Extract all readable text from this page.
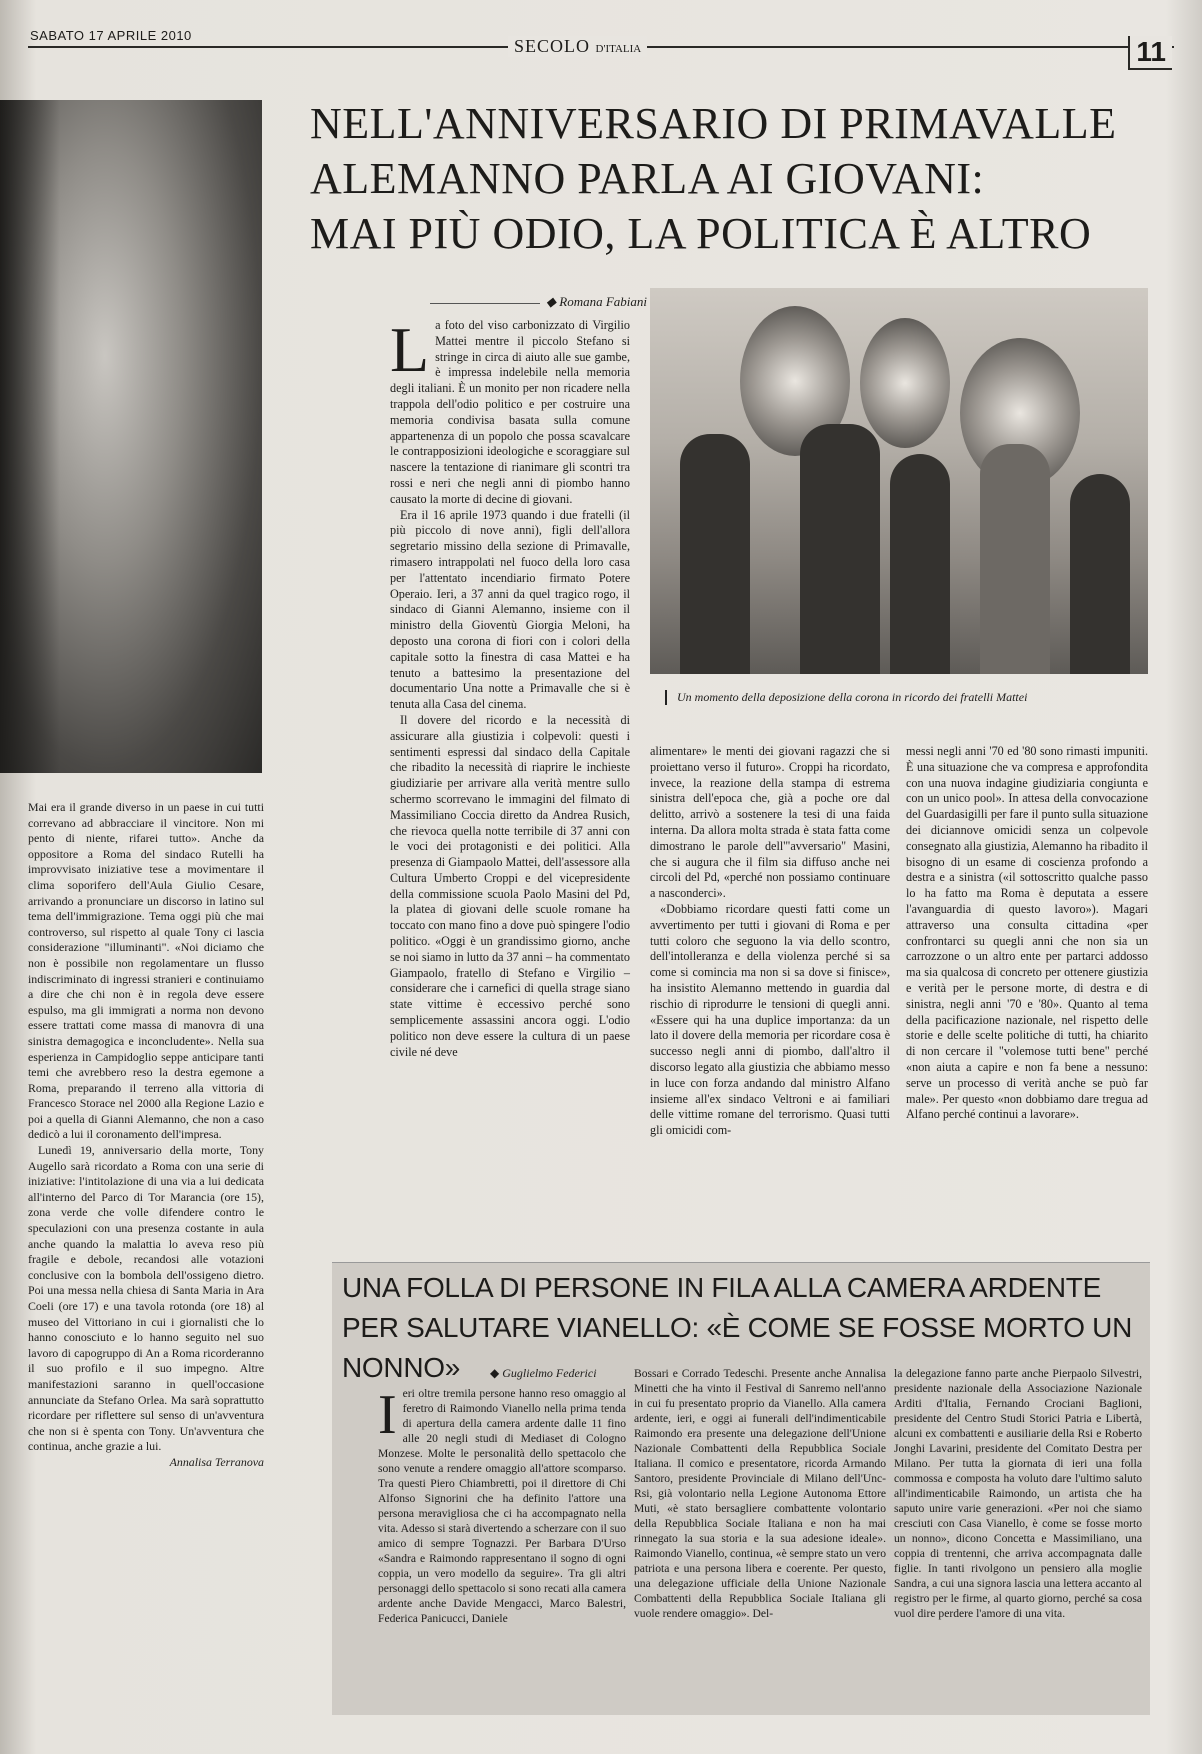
SABATO 17 APRILE 2010
SECOLO D'ITALIA	11
NELL'ANNIVERSARIO DI PRIMAVALLE
ALEMANNO PARLA AI GIOVANI:
MAI PIÙ ODIO, LA POLITICA È ALTRO
◆ Romana Fabiani

La foto del viso carbonizzato di Virgilio Mattei mentre il piccolo Stefano si stringe in circa di aiuto alle sue gambe, è impressa indelebile nella memoria degli italiani. È un monito per non ricadere nella trappola dell'odio politico e per costruire una memoria condivisa basata sulla comune appartenenza di un popolo che possa scavalcare le contrapposizioni ideologiche e scoraggiare sul nascere la tentazione di rianimare gli scontri tra rossi e neri che negli anni di piombo hanno causato la morte di decine di giovani.

Era il 16 aprile 1973 quando i due fratelli (il più piccolo di nove anni), figli dell'allora segretario missino della sezione di Primavalle, rimasero intrappolati nel fuoco della loro casa per l'attentato incendiario firmato Potere Operaio. Ieri, a 37 anni da quel tragico rogo, il sindaco di Gianni Alemanno, insieme con il ministro della Gioventù Giorgia Meloni, ha deposto una corona di fiori con i colori della capitale sotto la finestra di casa Mattei e ha tenuto a battesimo la presentazione del documentario Una notte a Primavalle che si è tenuta alla Casa del cinema.

Il dovere del ricordo e la necessità di assicurare alla giustizia i colpevoli: questi i sentimenti espressi dal sindaco della Capitale che ribadito la necessità di riaprire le inchieste giudiziarie per arrivare alla verità mentre sullo schermo scorrevano le immagini del filmato di Massimiliano Coccia diretto da Andrea Rusich, che rievoca quella notte terribile di 37 anni con le voci dei protagonisti e dei politici. Alla presenza di Giampaolo Mattei, dell'assessore alla Cultura Umberto Croppi e del vicepresidente della commissione scuola Paolo Masini del Pd, la platea di giovani delle scuole romane ha toccato con mano fino a dove può spingere l'odio politico. «Oggi è un grandissimo giorno, anche se noi siamo in lutto da 37 anni – ha commentato Giampaolo, fratello di Stefano e Virgilio – considerare che i carnefici di quella strage siano state vittime è eccessivo perché sono semplicemente assassini ancora oggi. L'odio politico non deve essere la cultura di un paese civile né deve

Un momento della deposizione della corona in ricordo dei fratelli Mattei

alimentare» le menti dei giovani ragazzi che si proiettano verso il futuro». Croppi ha ricordato, invece, la reazione della stampa di estrema sinistra dell'epoca che, già a poche ore dal delitto, arrivò a sostenere la tesi di una faida interna. Da allora molta strada è stata fatta come dimostrano le parole dell'"avversario" Masini, che si augura che il film sia diffuso anche nei circoli del Pd, «perché non possiamo continuare a nasconderci».

«Dobbiamo ricordare questi fatti come un avvertimento per tutti i giovani di Roma e per tutti coloro che seguono la via dello scontro, dell'intolleranza e della violenza perché si sa come si comincia ma non si sa dove si finisce», ha insistito Alemanno mettendo in guardia dal rischio di riprodurre le tensioni di quegli anni. «Essere qui ha una duplice importanza: da un lato il dovere della memoria per ricordare cosa è successo negli anni di piombo, dall'altro il discorso legato alla giustizia che abbiamo messo in luce con forza andando dal ministro Alfano insieme all'ex sindaco Veltroni e ai familiari delle vittime romane del terrorismo. Quasi tutti gli omicidi com-

messi negli anni '70 ed '80 sono rimasti impuniti. È una situazione che va compresa e approfondita con una nuova indagine giudiziaria congiunta e con un unico pool». In attesa della convocazione del Guardasigilli per fare il punto sulla situazione dei diciannove omicidi senza un colpevole consegnato alla giustizia, Alemanno ha ribadito il bisogno di un esame di coscienza profondo a destra e a sinistra («il sottoscritto qualche passo lo ha fatto ma Roma è deputata a essere l'avanguardia di questo lavoro»). Magari attraverso una consulta cittadina «per confrontarci su quegli anni che non sia un carrozzone o un altro ente per partarci addosso ma sia qualcosa di concreto per ottenere giustizia e verità per le persone morte, di destra e di sinistra, negli anni '70 e '80». Quanto al tema della pacificazione nazionale, nel rispetto delle storie e delle scelte politiche di tutti, ha chiarito di non cercare il "volemose tutti bene" perché «non aiuta a capire e non fa bene a nessuno: serve un processo di verità anche se può far male». Per questo «non dobbiamo dare tregua ad Alfano perché continui a lavorare».

Mai era il grande diverso in un paese in cui tutti correvano ad abbracciare il vincitore. Non mi pento di niente, rifarei tutto». Anche da oppositore a Roma del sindaco Rutelli ha improvvisato iniziative tese a movimentare il clima soporifero dell'Aula Giulio Cesare, arrivando a pronunciare un discorso in latino sul tema dell'immigrazione. Tema oggi più che mai controverso, sul rispetto al quale Tony ci lascia considerazione "illuminanti". «Noi diciamo che non è possibile non regolamentare un flusso indiscriminato di ingressi stranieri e continuiamo a dire che chi non è in regola deve essere espulso, ma gli immigrati a norma non devono essere trattati come massa di manovra di una sinistra demagogica e inconcludente». Nella sua esperienza in Campidoglio seppe anticipare tanti temi che avrebbero reso la destra egemone a Roma, preparando il terreno alla vittoria di Francesco Storace nel 2000 alla Regione Lazio e poi a quella di Gianni Alemanno, che non a caso dedicò a lui il coronamento dell'impresa.

Lunedì 19, anniversario della morte, Tony Augello sarà ricordato a Roma con una serie di iniziative: l'intitolazione di una via a lui dedicata all'interno del Parco di Tor Marancia (ore 15), zona verde che volle difendere contro le speculazioni con una presenza costante in aula anche quando la malattia lo aveva reso più fragile e debole, recandosi alle votazioni conclusive con la bombola dell'ossigeno dietro. Poi una messa nella chiesa di Santa Maria in Ara Coeli (ore 17) e una tavola rotonda (ore 18) al museo del Vittoriano in cui i giornalisti che lo hanno conosciuto e lo hanno seguito nel suo lavoro di capogruppo di An a Roma ricorderanno il suo profilo e il suo impegno. Altre manifestazioni saranno in quell'occasione annunciate da Stefano Orlea. Ma sarà soprattutto ricordare per riflettere sul senso di un'avventura che non si è spenta con Tony. Un'avventura che continua, anche grazie a lui.

Annalisa Terranova

UNA FOLLA DI PERSONE IN FILA ALLA CAMERA ARDENTE
PER SALUTARE VIANELLO: «È COME SE FOSSE MORTO UN NONNO»	◆ Guglielmo Federici

Ieri oltre tremila persone hanno reso omaggio al feretro di Raimondo Vianello nella prima tenda di apertura della camera ardente dalle 11 fino alle 20 negli studi di Mediaset di Cologno Monzese. Molte le personalità dello spettacolo che sono venute a rendere omaggio all'attore scomparso. Tra questi Piero Chiambretti, poi il direttore di Chi Alfonso Signorini che ha definito l'attore una persona meravigliosa che ci ha accompagnato nella vita. Adesso si starà divertendo a scherzare con il suo amico di sempre Tognazzi. Per Barbara D'Urso «Sandra e Raimondo rappresentano il sogno di ogni coppia, un vero modello da seguire». Tra gli altri personaggi dello spettacolo si sono recati alla camera ardente anche Davide Mengacci, Marco Balestri, Federica Panicucci, Daniele

Bossari e Corrado Tedeschi. Presente anche Annalisa Minetti che ha vinto il Festival di Sanremo nell'anno in cui fu presentato proprio da Vianello. Alla camera ardente, ieri, e oggi ai funerali dell'indimenticabile Raimondo era presente una delegazione dell'Unione Nazionale Combattenti della Repubblica Sociale Italiana. Il comico e presentatore, ricorda Armando Santoro, presidente Provinciale di Milano dell'Unc-Rsi, già volontario nella Legione Autonoma Ettore Muti, «è stato bersagliere combattente volontario della Repubblica Sociale Italiana e non ha mai rinnegato la sua storia e la sua adesione ideale». Raimondo Vianello, continua, «è sempre stato un vero patriota e una persona libera e coerente. Per questo, una delegazione ufficiale della Unione Nazionale Combattenti della Repubblica Sociale Italiana gli vuole rendere omaggio». Del-

la delegazione fanno parte anche Pierpaolo Silvestri, presidente nazionale della Associazione Nazionale Arditi d'Italia, Fernando Crociani Baglioni, presidente del Centro Studi Storici Patria e Libertà, alcuni ex combattenti e ausiliarie della Rsi e Roberto Jonghi Lavarini, presidente del Comitato Destra per Milano. Per tutta la giornata di ieri una folla commossa e composta ha voluto dare l'ultimo saluto all'indimenticabile Raimondo, un artista che ha saputo unire varie generazioni. «Per noi che siamo cresciuti con Casa Vianello, è come se fosse morto un nonno», dicono Concetta e Massimiliano, una coppia di trentenni, che arriva accompagnata dalle figlie. In tanti rivolgono un pensiero alla moglie Sandra, a cui una signora lascia una lettera accanto al registro per le firme, al quarto giorno, perché sa cosa vuol dire perdere l'amore di una vita.
